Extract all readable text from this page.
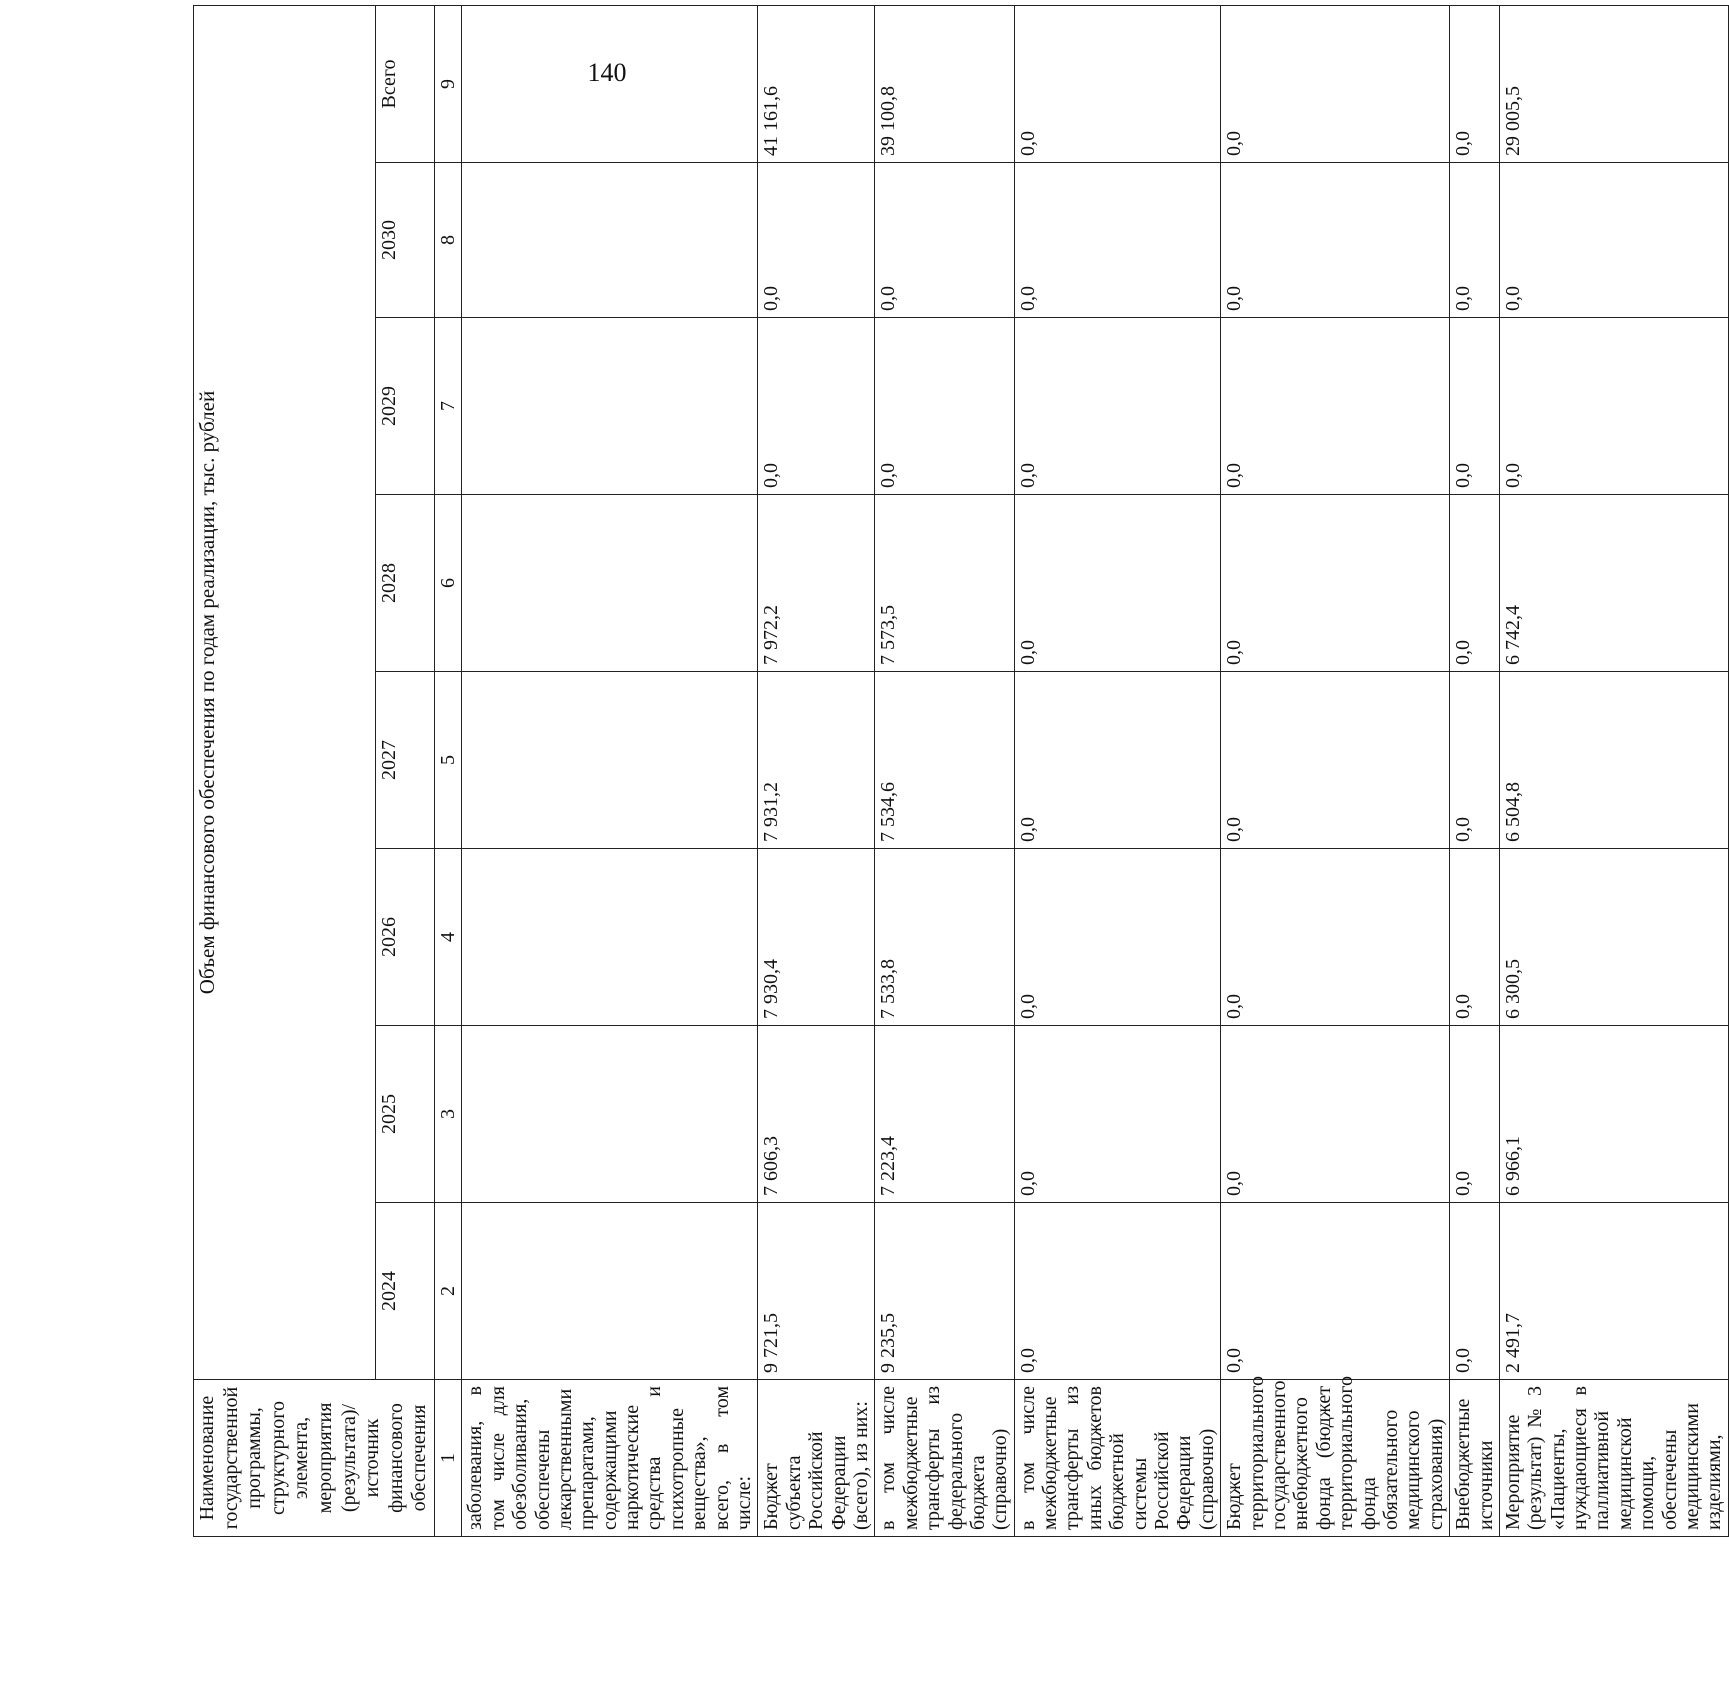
140
Наименование государственной программы, структурного элемента, мероприятия (результата)/источник финансового обеспечения	Объем финансового обеспечения по годам реализации, тыс. рублей							
	2024	2025	2026	2027	2028	2029	2030	Всего
1	2	3	4	5	6	7	8	9
заболевания, в том числе для обезболивания, обеспечены лекарственными препаратами, содержащими наркотические средства и психотропные вещества», всего, в том числе:								
Бюджет субъекта Российской Федерации (всего), из них:	9 721,5	7 606,3	7 930,4	7 931,2	7 972,2	0,0	0,0	41 161,6
в том числе межбюджетные трансферты из федерального бюджета (справочно)	9 235,5	7 223,4	7 533,8	7 534,6	7 573,5	0,0	0,0	39 100,8
в том числе межбюджетные трансферты из иных бюджетов бюджетной системы Российской Федерации (справочно)	0,0	0,0	0,0	0,0	0,0	0,0	0,0	0,0
Бюджет территориального государственного внебюджетного фонда (бюджет территориального фонда обязательного медицинского страхования)	0,0	0,0	0,0	0,0	0,0	0,0	0,0	0,0
Внебюджетные источники	0,0	0,0	0,0	0,0	0,0	0,0	0,0	0,0
Мероприятие (результат) № 3 «Пациенты, нуждающиеся в паллиативной медицинской помощи, обеспечены медицинскими изделиями,	2 491,7	6 966,1	6 300,5	6 504,8	6 742,4	0,0	0,0	29 005,5
